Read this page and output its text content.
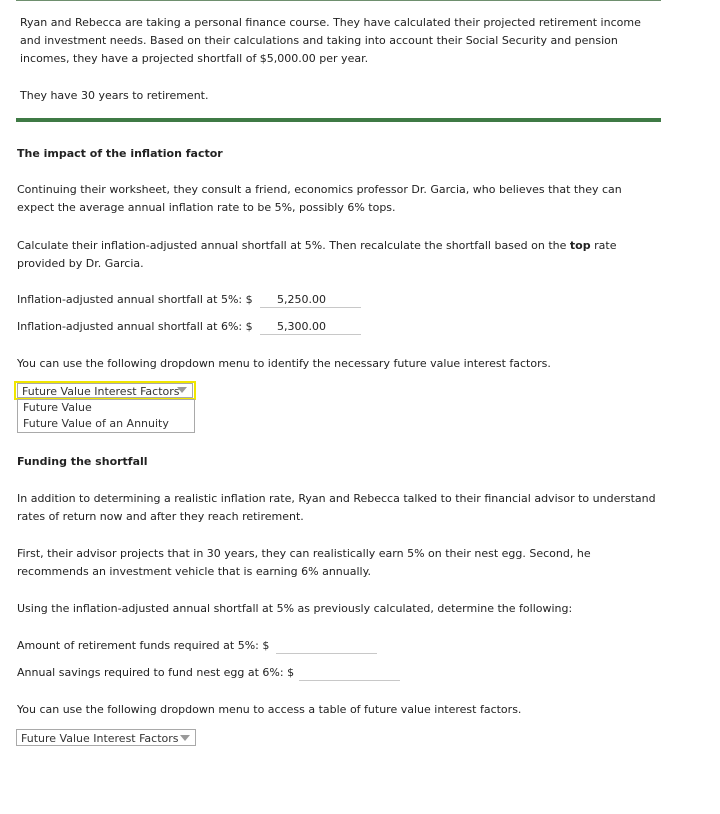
Ryan and Rebecca are taking a personal finance course. They have calculated their projected retirement income and investment needs. Based on their calculations and taking into account their Social Security and pension incomes, they have a projected shortfall of $5,000.00 per year.

They have 30 years to retirement.

The impact of the inflation factor

Continuing their worksheet, they consult a friend, economics professor Dr. Garcia, who believes that they can expect the average annual inflation rate to be 5%, possibly 6% tops.

Calculate their inflation-adjusted annual shortfall at 5%. Then recalculate the shortfall based on the top rate provided by Dr. Garcia.

Inflation-adjusted annual shortfall at 5%: $	5,250.00
Inflation-adjusted annual shortfall at 6%: $	5,300.00
You can use the following dropdown menu to identify the necessary future value interest factors.
Future Value Interest Factors
Future Value
Future Value of an Annuity
Funding the shortfall

In addition to determining a realistic inflation rate, Ryan and Rebecca talked to their financial advisor to understand rates of return now and after they reach retirement.

First, their advisor projects that in 30 years, they can realistically earn 5% on their nest egg. Second, he recommends an investment vehicle that is earning 6% annually.

Using the inflation-adjusted annual shortfall at 5% as previously calculated, determine the following:

Amount of retirement funds required at 5%: $
Annual savings required to fund nest egg at 6%: $
You can use the following dropdown menu to access a table of future value interest factors.
Future Value Interest Factors
